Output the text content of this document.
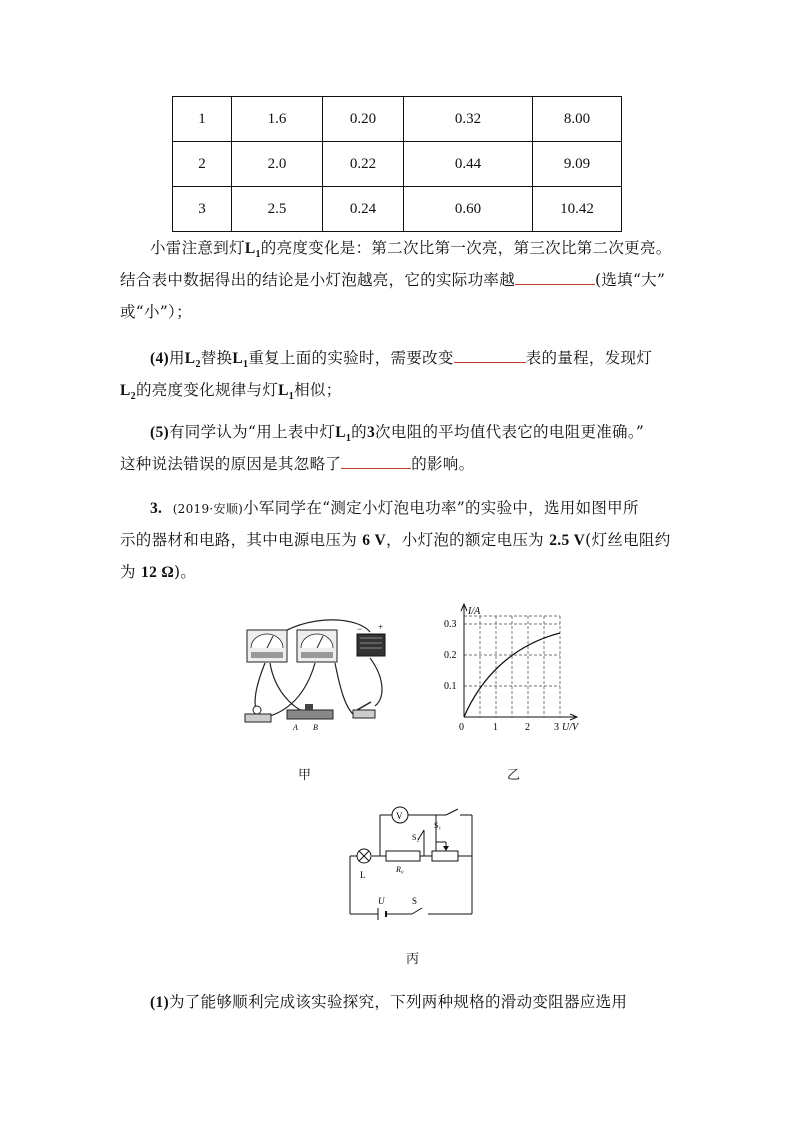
1	1.6	0.20	0.32	8.00
2	2.0	0.22	0.44	9.09
3	2.5	0.24	0.60	10.42
小雷注意到灯$L_1$的亮度变化是：第二次比第一次亮，第三次比第二次更亮。
结合表中数据得出的结论是小灯泡越亮，它的实际功率越	(选填“大”
或“小”）；
(4)用$L_2$替换$L_1$重复上面的实验时，需要改变	表的量程，发现灯
$L_2$的亮度变化规律与灯$L_1$相似；
(5)有同学认为“用上表中灯$L_1$的3次电阻的平均值代表它的电阻更准确。”
这种说法错误的原因是其忽略了	的影响。
3. (2019·安顺)小军同学在“测定小灯泡电功率”的实验中，选用如图甲所
示的器材和电路，其中电源电压为 6 V，小灯泡的额定电压为 2.5 V(灯丝电阻约
为 12 Ω)。
+
−
A B
甲
I/A
U/V
0.3
0.2
0.1
0	1	2 3
乙
V
S₁
S₂
R₀
L
U	S
丙
(1)为了能够顺利完成该实验探究，下列两种规格的滑动变阻器应选用
